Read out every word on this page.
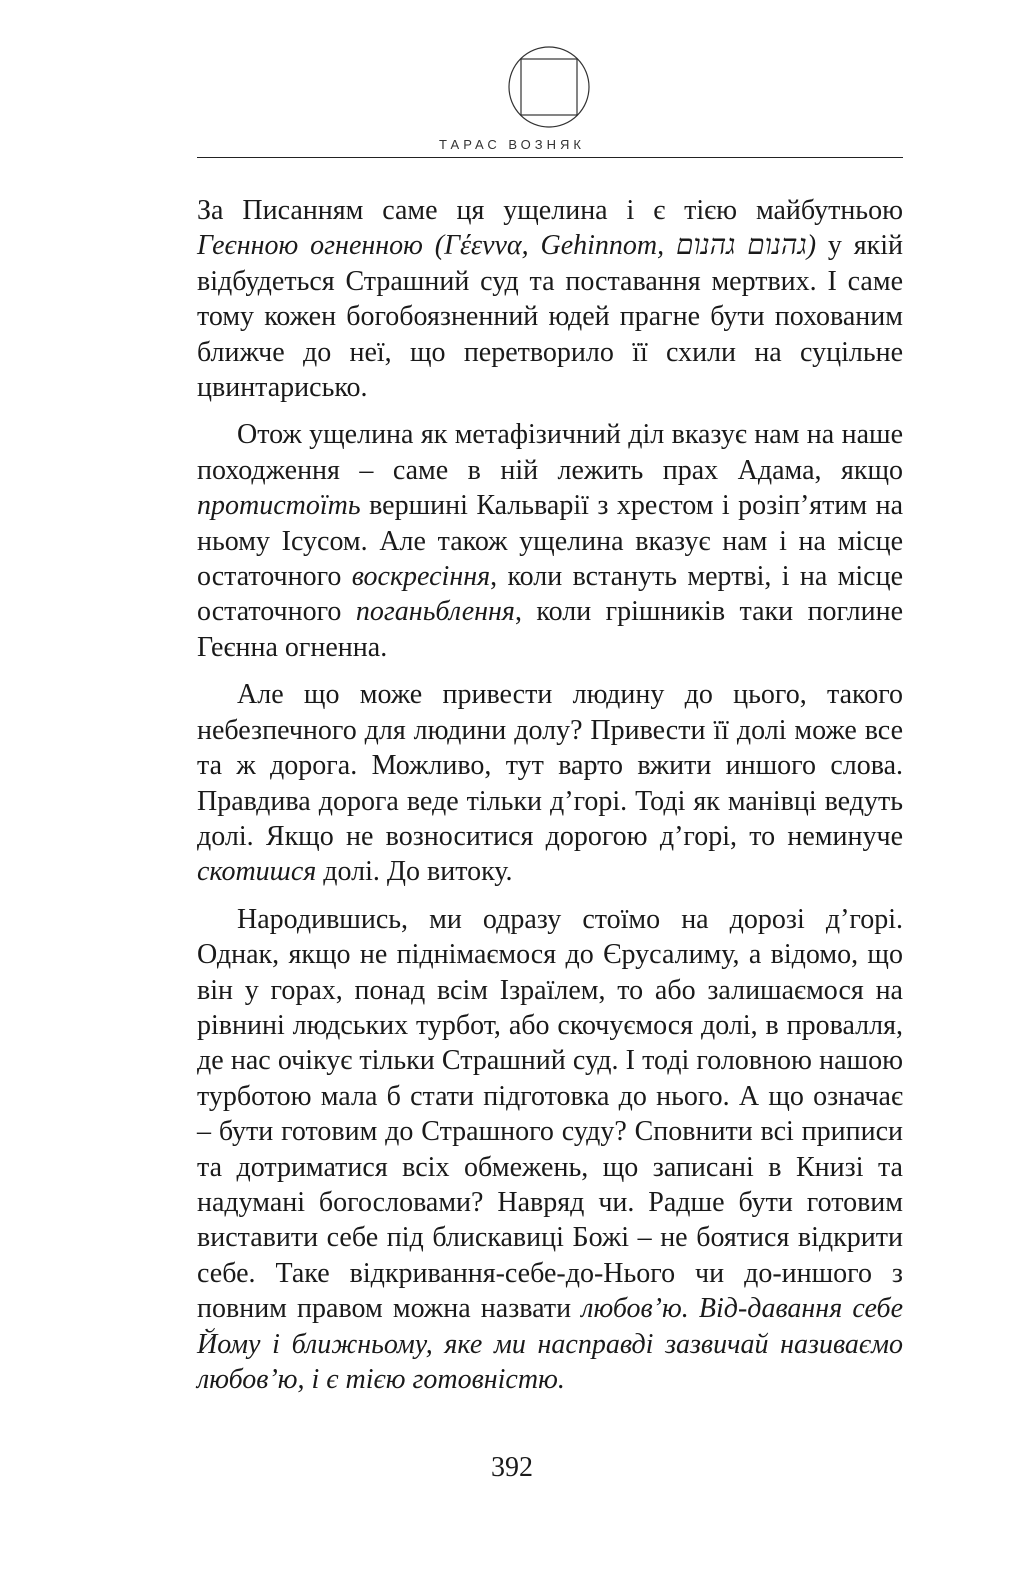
ТАРАС ВОЗНЯК

За Писанням саме ця ущелина і є тією майбутньою Геєнною огненною (Γέεννα, Gehinnom, גהנום גהנום) у якій відбудеться Страшний суд та поставання мертвих. І саме тому кожен богобоязненний юдей прагне бути похованим ближче до неї, що перетворило її схили на суцільне цвинтарисько.

Отож ущелина як метафізичний діл вказує нам на наше походження – саме в ній лежить прах Адама, якщо протистоїть вершині Кальварії з хрестом і розіп’ятим на ньому Ісусом. Але також ущелина вказує нам і на місце остаточного воскресіння, коли встануть мертві, і на місце остаточного поганьблення, коли грішників таки поглине Геєнна огненна.

Але що може привести людину до цього, такого небезпечного для людини долу? Привести її долі може все та ж дорога. Можливо, тут варто вжити иншого слова. Правдива дорога веде тільки д’горі. Тоді як манівці ведуть долі. Якщо не возноситися дорогою д’горі, то неминуче скотишся долі. До витоку.

Народившись, ми одразу стоїмо на дорозі д’горі. Однак, якщо не піднімаємося до Єрусалиму, а відомо, що він у горах, понад всім Ізраїлем, то або залишаємося на рівнині людських турбот, або скочуємося долі, в провалля, де нас очікує тільки Страшний суд. І тоді головною нашою турботою мала б стати підготовка до нього. А що означає – бути готовим до Страшного суду? Сповнити всі приписи та дотриматися всіх обмежень, що записані в Книзі та надумані богословами? Навряд чи. Радше бути готовим виставити себе під блискавиці Божі – не боятися відкрити себе. Таке відкривання-себе-до-Нього чи до-иншого з повним правом можна назвати любов’ю. Від-давання себе Йому і ближньому, яке ми насправді зазвичай називаємо любов’ю, і є тією готовністю.

392
